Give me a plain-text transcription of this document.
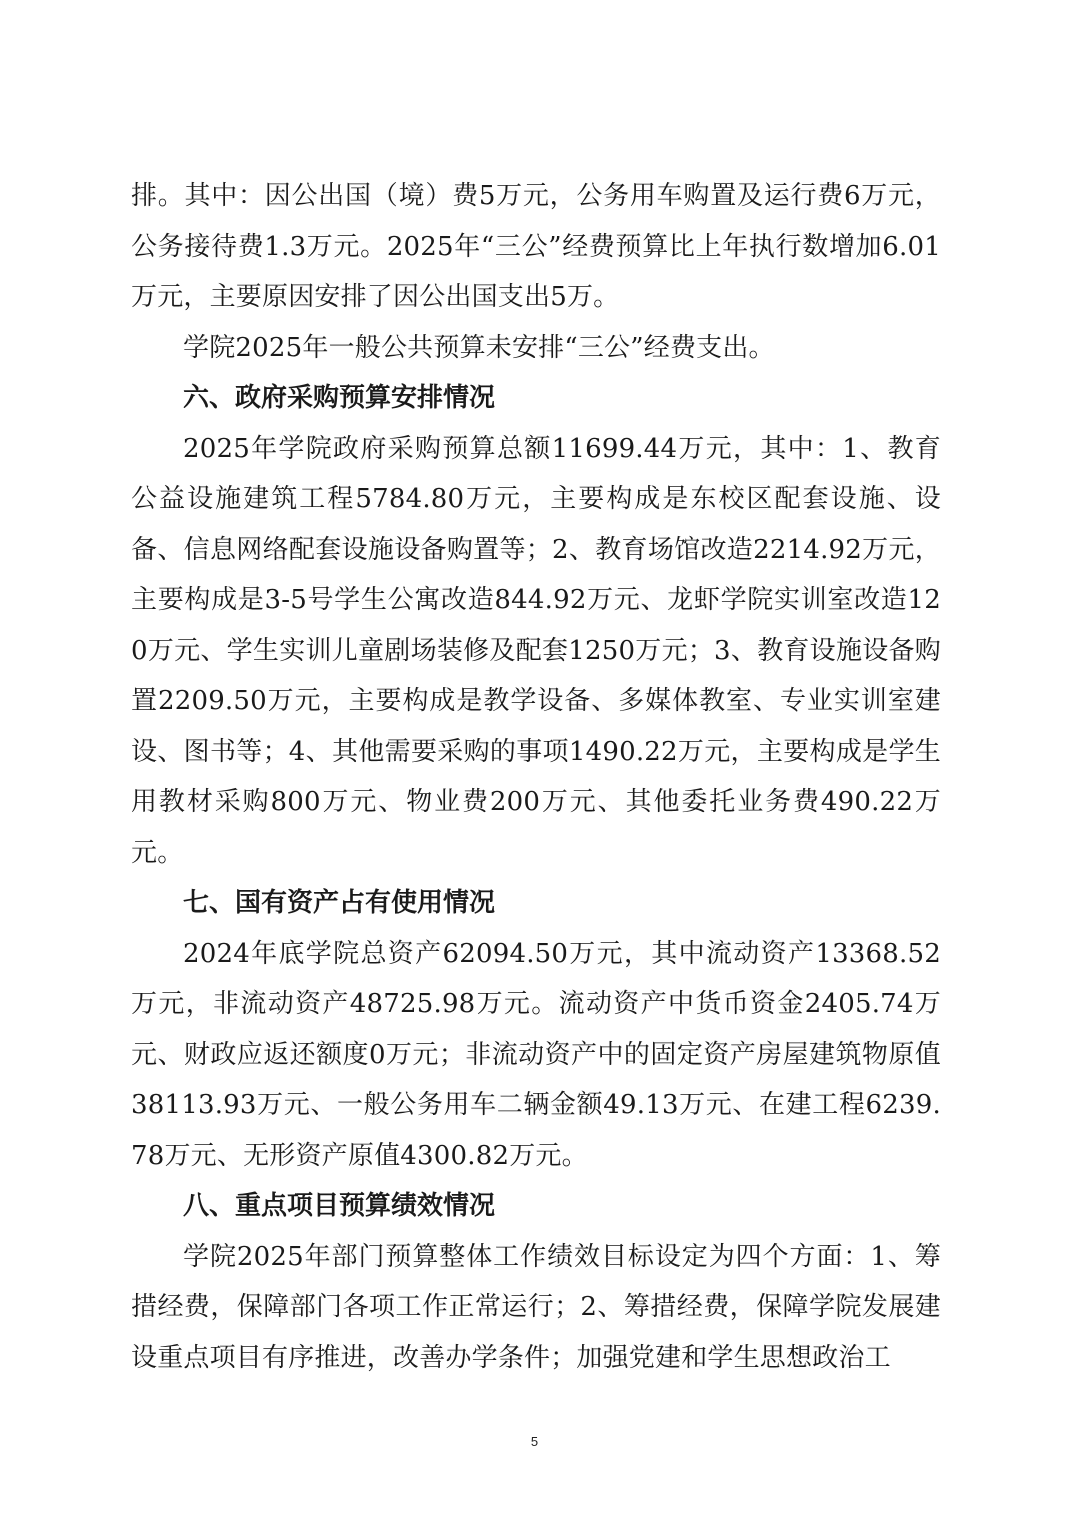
排。其中：因公出国（境）费5万元，公务用车购置及运行费6万元，公务接待费1.3万元。2025年“三公”经费预算比上年执行数增加6.01万元，主要原因安排了因公出国支出5万。

学院2025年一般公共预算未安排“三公”经费支出。

六、政府采购预算安排情况

2025年学院政府采购预算总额11699.44万元，其中：1、教育公益设施建筑工程5784.80万元，主要构成是东校区配套设施、设备、信息网络配套设施设备购置等；2、教育场馆改造2214.92万元，主要构成是3-5号学生公寓改造844.92万元、龙虾学院实训室改造120万元、学生实训儿童剧场装修及配套1250万元；3、教育设施设备购置2209.50万元，主要构成是教学设备、多媒体教室、专业实训室建设、图书等；4、其他需要采购的事项1490.22万元，主要构成是学生用教材采购800万元、物业费200万元、其他委托业务费490.22万元。

七、国有资产占有使用情况

2024年底学院总资产62094.50万元，其中流动资产13368.52万元，非流动资产48725.98万元。流动资产中货币资金2405.74万元、财政应返还额度0万元；非流动资产中的固定资产房屋建筑物原值38113.93万元、一般公务用车二辆金额49.13万元、在建工程6239.78万元、无形资产原值4300.82万元。

八、重点项目预算绩效情况

学院2025年部门预算整体工作绩效目标设定为四个方面：1、筹措经费，保障部门各项工作正常运行；2、筹措经费，保障学院发展建设重点项目有序推进，改善办学条件；加强党建和学生思想政治工

5
